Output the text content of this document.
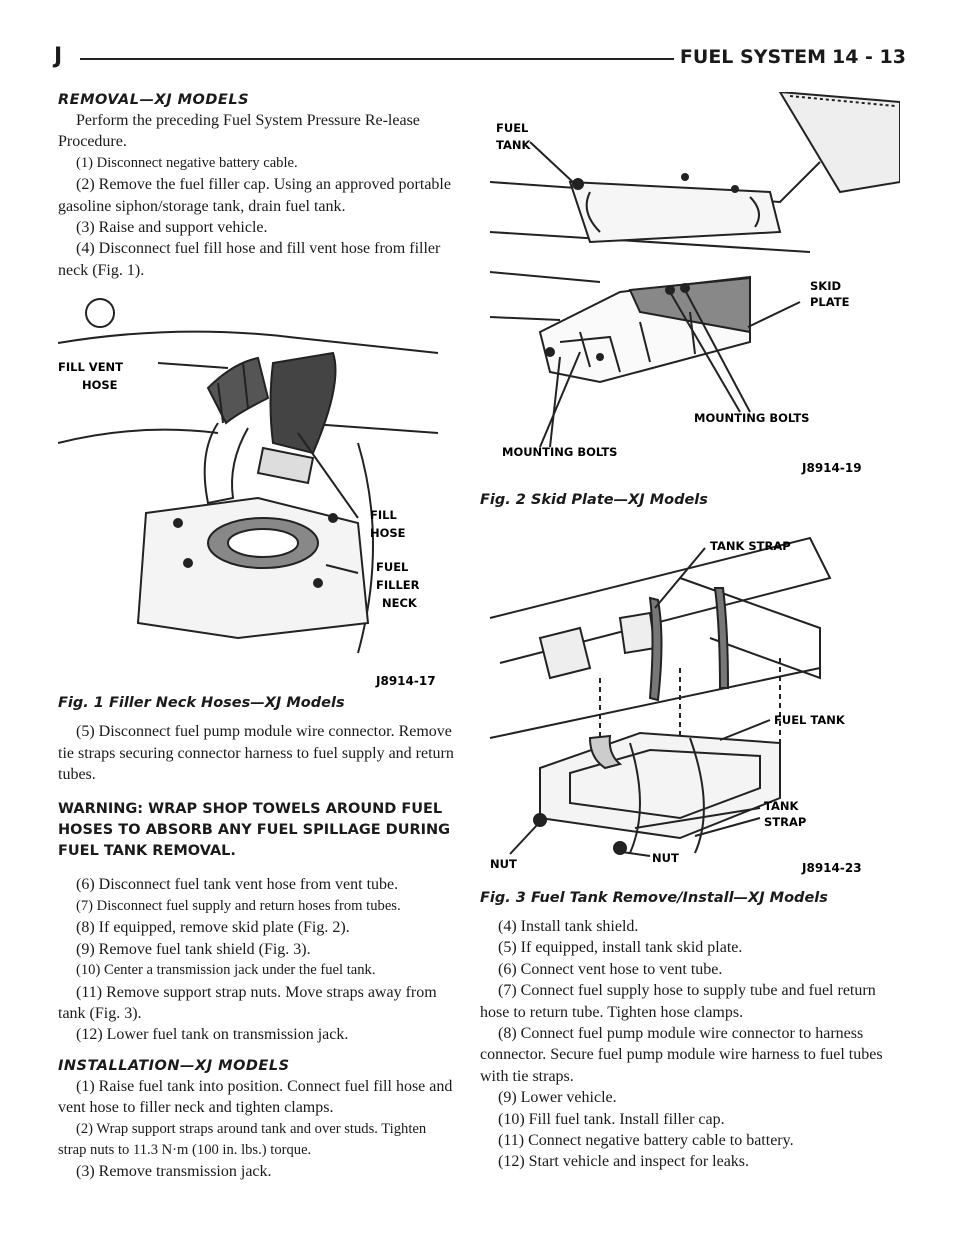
J	FUEL SYSTEM 14 - 13
REMOVAL—XJ MODELS

Perform the preceding Fuel System Pressure Re-lease Procedure.

(1) Disconnect negative battery cable.

(2) Remove the fuel filler cap. Using an approved portable gasoline siphon/storage tank, drain fuel tank.

(3) Raise and support vehicle.

(4) Disconnect fuel fill hose and fill vent hose from filler neck (Fig. 1).

FILL VENT
HOSE
FILL
HOSE
FUEL
FILLER
NECK
J8914-17
Fig. 1 Filler Neck Hoses—XJ Models

(5) Disconnect fuel pump module wire connector. Remove tie straps securing connector harness to fuel supply and return tubes.

WARNING: WRAP SHOP TOWELS AROUND FUEL HOSES TO ABSORB ANY FUEL SPILLAGE DURING FUEL TANK REMOVAL.

(6) Disconnect fuel tank vent hose from vent tube.

(7) Disconnect fuel supply and return hoses from tubes.

(8) If equipped, remove skid plate (Fig. 2).

(9) Remove fuel tank shield (Fig. 3).

(10) Center a transmission jack under the fuel tank.

(11) Remove support strap nuts. Move straps away from tank (Fig. 3).

(12) Lower fuel tank on transmission jack.

INSTALLATION—XJ MODELS

(1) Raise fuel tank into position. Connect fuel fill hose and vent hose to filler neck and tighten clamps.

(2) Wrap support straps around tank and over studs. Tighten strap nuts to 11.3 N·m (100 in. lbs.) torque.

(3) Remove transmission jack.

FUEL
TANK
SKID
PLATE
MOUNTING BOLTS
MOUNTING BOLTS
J8914-19
Fig. 2 Skid Plate—XJ Models
TANK STRAP
FUEL TANK
TANK
STRAP
NUT	NUT
J8914-23
Fig. 3 Fuel Tank Remove/Install—XJ Models

(4) Install tank shield.

(5) If equipped, install tank skid plate.

(6) Connect vent hose to vent tube.

(7) Connect fuel supply hose to supply tube and fuel return hose to return tube. Tighten hose clamps.

(8) Connect fuel pump module wire connector to harness connector. Secure fuel pump module wire harness to fuel tubes with tie straps.

(9) Lower vehicle.

(10) Fill fuel tank. Install filler cap.

(11) Connect negative battery cable to battery.

(12) Start vehicle and inspect for leaks.
